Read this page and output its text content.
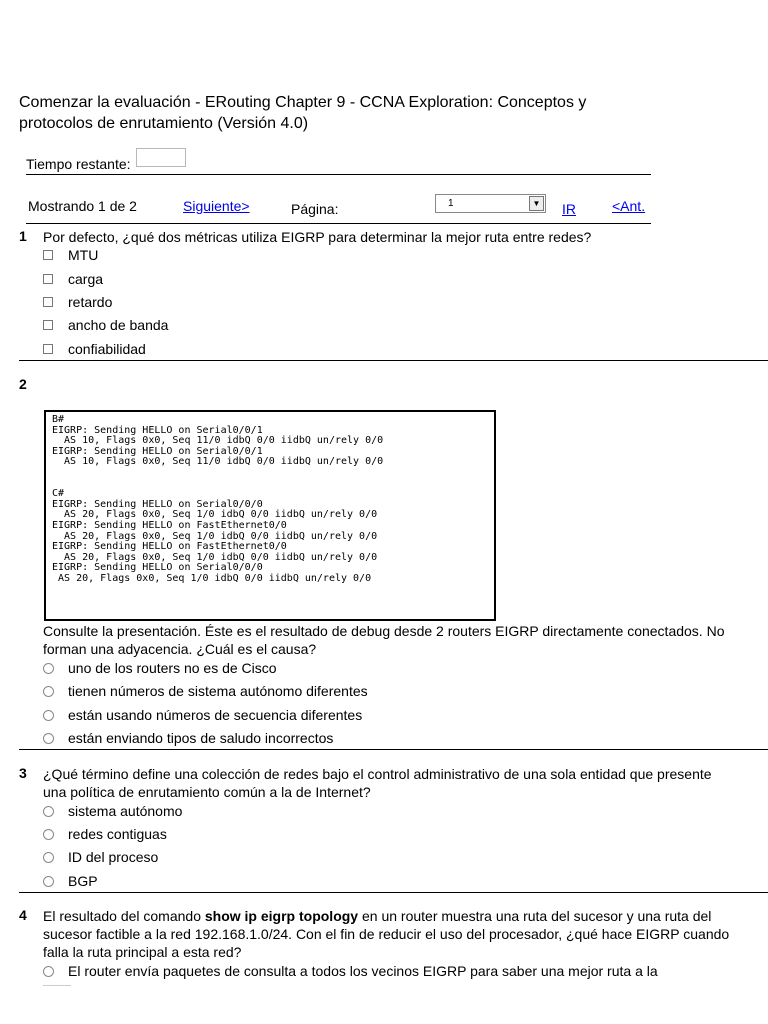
Comenzar la evaluación - ERouting Chapter 9 - CCNA Exploration: Conceptos y protocolos de enrutamiento (Versión 4.0)
Tiempo restante:
Mostrando 1 de 2	Siguiente>	Página:	1	▼ IR	<Ant.
1 Por defecto, ¿qué dos métricas utiliza EIGRP para determinar la mejor ruta entre redes?
MTU
carga
retardo
ancho de banda
confiabilidad
2
B#
EIGRP: Sending HELLO on Serial0/0/1
AS 10, Flags 0x0, Seq 11/0 idbQ 0/0 iidbQ un/rely 0/0
EIGRP: Sending HELLO on Serial0/0/1
AS 10, Flags 0x0, Seq 11/0 idbQ 0/0 iidbQ un/rely 0/0

C#
EIGRP: Sending HELLO on Serial0/0/0
AS 20, Flags 0x0, Seq 1/0 idbQ 0/0 iidbQ un/rely 0/0
EIGRP: Sending HELLO on FastEthernet0/0
AS 20, Flags 0x0, Seq 1/0 idbQ 0/0 iidbQ un/rely 0/0
EIGRP: Sending HELLO on FastEthernet0/0
AS 20, Flags 0x0, Seq 1/0 idbQ 0/0 iidbQ un/rely 0/0
EIGRP: Sending HELLO on Serial0/0/0
AS 20, Flags 0x0, Seq 1/0 idbQ 0/0 iidbQ un/rely 0/0
Consulte la presentación. Éste es el resultado de debug desde 2 routers EIGRP directamente conectados. No forman una adyacencia. ¿Cuál es el causa?
uno de los routers no es de Cisco
tienen números de sistema autónomo diferentes
están usando números de secuencia diferentes
están enviando tipos de saludo incorrectos
3 ¿Qué término define una colección de redes bajo el control administrativo de una sola entidad que presente una política de enrutamiento común a la de Internet?
sistema autónomo
redes contiguas
ID del proceso
BGP
4 El resultado del comando show ip eigrp topology en un router muestra una ruta del sucesor y una ruta del sucesor factible a la red 192.168.1.0/24. Con el fin de reducir el uso del procesador, ¿qué hace EIGRP cuando falla la ruta principal a esta red?
El router envía paquetes de consulta a todos los vecinos EIGRP para saber una mejor ruta a la
